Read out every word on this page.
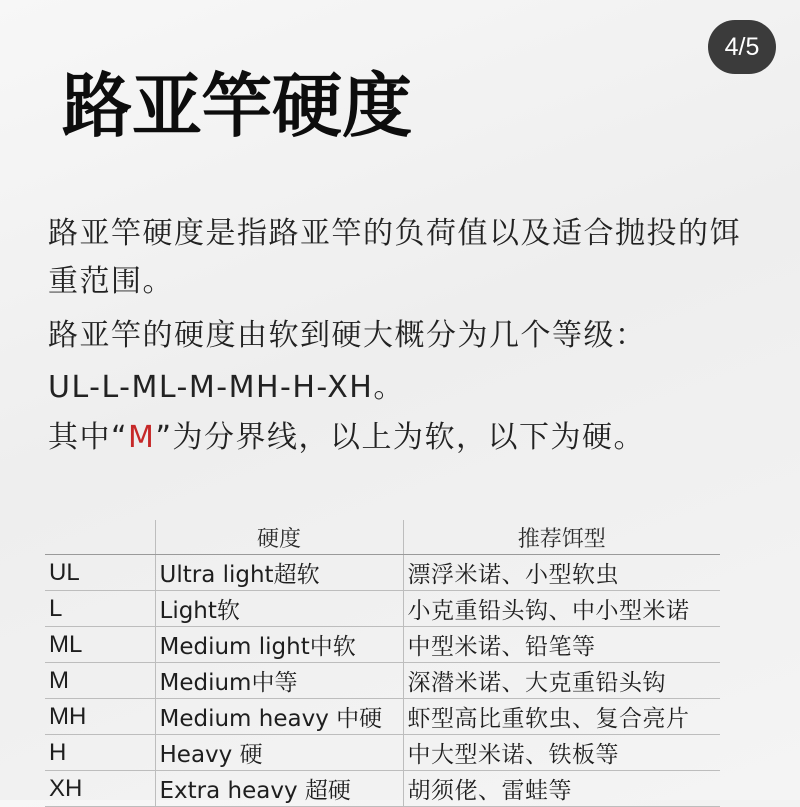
4/5
路亚竿硬度

路亚竿硬度是指路亚竿的负荷值以及适合抛投的饵

重范围。

路亚竿的硬度由软到硬大概分为几个等级：

UL-L-ML-M-MH-H-XH。

其中“M”为分界线，以上为软，以下为硬。

	硬度	推荐饵型
UL	Ultra light超软	漂浮米诺、小型软虫
L	Light软	小克重铅头钩、中小型米诺
ML	Medium light中软	中型米诺、铅笔等
M	Medium中等	深潜米诺、大克重铅头钩
MH	Medium heavy 中硬	虾型高比重软虫、复合亮片
H	Heavy 硬	中大型米诺、铁板等
XH	Extra heavy 超硬	胡须佬、雷蛙等
